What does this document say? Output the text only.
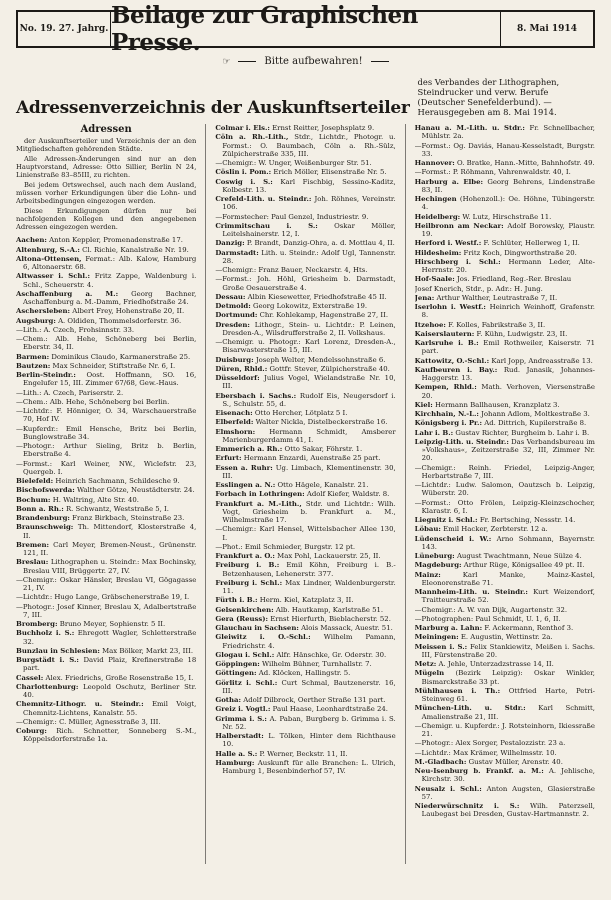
No. 19. 27. Jahrg. Beilage zur Graphischen Presse.	8. Mai 1914
☞	Bitte aufbewahren!
Adressenverzeichnis der Auskunftserteiler
des Verbandes der Lithographen, Steindrucker und verw. Berufe (Deutscher Senefelderbund). — Herausgegeben am 8. Mai 1914.
Adressen

der Auskunftserteiler und Verzeichnis der an den Mitgliedschaften gehörenden Städte.

Alle Adressen-Änderungen sind nur an den Hauptvorstand, Adresse: Otto Sillier, Berlin N 24, Linienstraße 83–85III, zu richten.

Bei jedem Ortswechsel, auch nach dem Ausland, müssen vorher Erkundigungen über die Lohn- und Arbeitsbedingungen eingezogen werden.

Diese Erkundigungen dürfen nur bei nachfolgenden Kollegen und den angegebenen Adressen eingezogen werden.

Aachen: Anton Keppler, Promenadenstraße 17.
Altenburg, S.-A.: Cl. Richie, Kanalstraße Nr. 19.
Altona-Ottensen, Fermat.: Alb. Kalow, Hamburg 6, Altonaerstr. 68.
Altwasser i. Schl.: Fritz Zappe, Waldenburg i. Schl., Scheuerstr. 4.
Aschaffenburg a. M.: Georg Bachner, Aschaffenburg a. M.-Damm, Friedhofstraße 24.
Aschersleben: Albert Frey, Hohenstraße 20, II.
Augsburg: A. Oldiden, Thommelsdorferstr. 36.
—Lith.: A. Czech, Frohsinnstr. 33.
—Chem.: Alb. Hehe, Schöneberg bei Berlin, Eberstr. 34, II.
Barmen: Dominikus Claudo, Karmanerstraße 25.
Bautzen: Max Schneider, Stiftstraße Nr. 6, I.
Berlin-Steindr.: Oost. Hoffmann, SO. 16, Engelufer 15, III. Zimmer 67/68, Gew.-Haus.
—Lith.: A. Czech, Pariserstr. 2.
—Chem.: Alb. Hehe, Schöneberg bei Berlin.
—Lichtdr.: F. Hönniger, O. 34, Warschauerstraße 70, Hof IV.
—Kupferdr.: Emil Hensche, Britz bei Berlin, Bunglowstraße 34.
—Photogr.: Arthur Sieling, Britz b. Berlin, Eberstraße 4.
—Formst.: Karl Weiner, NW., Wiclefstr. 23, Quergeb. I.
Bielefeld: Heinrich Sachmann, Schildesche 9.
Bischofswerda: Walther Götze, Neustädterstr. 24.
Bochum: H. Waltring, Alte Str. 40.
Bonn a. Rh.: R. Schwantz, Weststraße 5, I.
Brandenburg: Franz Birkbach, Steinstraße 23.
Braunschweig: Th. Mittendorf, Klosterstraße 4, II.
Bremen: Carl Meyer, Bremen-Neust., Grünenstr. 121, II.
Breslau: Lithographen u. Steindr.: Max Bochinsky, Breslau VIII, Brüggertr. 27, IV.
—Chemigr.: Oskar Hänsler, Breslau VI, Gögagasse 21, IV.
—Lichtdr.: Hugo Lange, Gräbschenerstraße 19, I.
—Photogr.: Josef Kinner, Breslau X, Adalbertstraße 7, III.
Bromberg: Bruno Meyer, Sophienstr. 5 II.
Buchholz i. S.: Ehregott Wagler, Schletterstraße 32.
Bunzlau in Schlesien: Max Bölker, Markt 23, III.
Burgstädt i. S.: David Plaiz, Krefinerstraße 18 part.
Cassel: Alex. Friedrichs, Große Rosenstraße 15, I.
Charlottenburg: Leopold Oschutz, Berliner Str. 40.
Chemnitz-Lithogr. u. Steindr.: Emil Voigt, Chemnitz-Lichtens, Kanalstr. 55.
—Chemigr.: C. Müller, Agnesstraße 3, III.
Coburg: Rich. Schnetter, Sonneberg S.-M., Köppelsdorferstraße 1a.
Colmar i. Els.: Ernst Reitter, Josephsplatz 9.
Cöln a. Rh.-Lith., Stdr., Lichtdr., Photogr. u. Formst.: O. Baumbach, Cöln a. Rh.-Sülz, Zülpicherstraße 335, III.
—Chemigr.: W. Unger, Weißenburger Str. 51.
Cöslin i. Pom.: Erich Möller, Elisenstraße Nr. 5.
Coswig i. S.: Karl Fischbig, Sessino-Kaditz, Kolbestr. 13.
Crefeld-Lith. u. Steindr.: Joh. Röhnes, Vereinstr. 106.
—Formstecher: Paul Genzel, Industriestr. 9.
Crimmitschau i. S.: Oskar Möller, Leitelshainerstr. 12, I.
Danzig: P. Brandt, Danzig-Ohra, a. d. Mottlau 4, II.
Darmstadt: Lith. u. Steindr.: Adolf Ugl, Tannenstr. 28.
—Chemigr.: Franz Bauer, Neckarstr. 4, Hts.
—Formst.: Joh. Höhl, Griesheim b. Darmstadt, Große Oesauerstraße 4.
Dessau: Albin Kiesewetter, Friedhofstraße 45 II.
Detmold: Georg Lokowitz, Exterstraße 19.
Dortmund: Chr. Kohlekamp, Hagenstraße 27, II.
Dresden: Lithogr., Stein- u. Lichtdr.: P. Leinen, Dresden-A., Wilsdrufferstraße 2, II. Volkshaus.
—Chemigr. u. Photogr.: Karl Lorenz, Dresden-A., Bisarwasterstraße 15, III.
Duisburg: Joseph Welter, Mendelssohnstraße 6.
Düren, Rhld.: Gottfr. Stever, Zülpicherstraße 40.
Düsseldorf: Julius Vogel, Wielandstraße Nr. 10, III.
Ebersbach i. Sachs.: Rudolf Eis, Neugersdorf i. S., Schulstr. 55, d.
Eisenach: Otto Hercher, Lötplatz 5 I.
Elberfeld: Walter Nickla, Distelbeckerstraße 16.
Elmshorn: Hermann Schmidt, Amsberer Marienburgerdamm 41, I.
Emmerich a. Rh.: Otto Sakar, Föhrstr. 1.
Erfurt: Hermann Enzardi, Auenstraße 25 part.
Essen a. Ruhr: Ug. Limbach, Klementinenstr. 30, III.
Esslingen a. N.: Otto Hägele, Kanalstr. 21.
Forbach in Lothringen: Adolf Kiefer, Waldstr. 8.
Frankfurt a. M.-Lith., Stdr. und Lichtdr.: Wilh. Vogt, Griesheim b. Frankfurt a. M., Wilhelmstraße 17.
—Chemigr.: Karl Hensel, Wittelsbacher Allee 130, I.
—Phot.: Emil Schmieder, Burgstr. 12 pt.
Frankfurt a. O.: Max Pohl, Lackauerstr. 25, II.
Freiburg i. B.: Emil Köhn, Freiburg i. B.-Betzenhausen, Lehenerstr. 377.
Freiburg i. Schl.: Max Lindner, Waldenburgerstr. 11.
Fürth i. B.: Herm. Kiel, Katzplatz 3, II.
Gelsenkirchen: Alb. Hautkamp, Karlstraße 51.
Gera (Reuss): Ernst Hierfurth, Bieblacherstr. 52.
Glauchau in Sachsen: Alois Massack, Auestr. 51.
Gleiwitz i. O.-Schl.: Wilhelm Pamann, Friedrichstr. 4.
Glogau i. Schl.: Alfr. Hänschke, Gr. Oderstr. 30.
Göppingen: Wilhelm Bühner, Turnhallstr. 7.
Göttingen: Ad. Klöcken, Hallingstr. 5.
Görlitz i. Schl.: Curt Schmal, Bautzenerstr. 16, III.
Gotha: Adolf Dilbrock, Oerther Straße 131 part.
Greiz i. Vogtl.: Paul Haase, Leonhardtstraße 24.
Grimma i. S.: A. Paban, Burgberg b. Grimma i. S. Nr. 52.
Halberstadt: L. Tölken, Hinter dem Richthause 10.
Halle a. S.: P. Werner, Beckstr. 11, II.
Hamburg: Auskunft für alle Branchen: L. Ulrich, Hamburg 1, Besenbinderhof 57, IV.
Hanau a. M.-Lith. u. Stdr.: Fr. Schnellbacher, Mühlstr. 2a.
—Formst.: Og. Daviás, Hanau-Kesselstadt, Burgstr. 33.
Hannover: O. Bratke, Hann.-Mitte, Bahnhofstr. 49.
—Formst.: P. Röhmann, Vahrenwaldstr. 40, I.
Harburg a. Elbe: Georg Behrens, Lindenstraße 83, II.
Hechingen (Hohenzoll.): Oe. Höhne, Tübingerstr. 4.
Heidelberg: W. Lutz, Hirschstraße 11.
Heilbronn am Neckar: Adolf Borowsky, Plaustr. 19.
Herford i. Westf.: F. Schlüter, Hellerweg 1, II.
Hildesheim: Fritz Koch, Dingworthstraße 20.
Hirschberg i. Schl.: Hermann Leder, Alte-Herrnstr. 20.
Hof-Saale: Jos. Friedland, Reg.-Rer. Breslau
Josef Knerich, Stdr., p. Adr.: H. Jung.
Jena: Arthur Walther, Leutrastraße 7, II.
Iserlohn i. Westf.: Heinrich Weinhoff, Grafenstr. 8.
Itzehoe: F. Kolles, Fabrikstraße 3, II.
Kaiserslautern: F. Kühn, Ludwigstr. 23, II.
Karlsruhe i. B.: Emil Rothweiler, Kaiserstr. 71 part.
Kattowitz, O.-Schl.: Karl Jopp, Andreasstraße 13.
Kaufbeuren i. Bay.: Rud. Janasik, Johannes-Haggerstr. 13.
Kempen, Rhld.: Math. Verhoven, Viersenstraße 20.
Kiel: Hermann Ballhausen, Kranzplatz 3.
Kirchhain, N.-L.: Johann Adlom, Moltkestraße 3.
Königsberg i. Pr.: Ad. Dittrich, Kupilerstraße 8.
Lahr i. B.: Gustav Richter, Burgheim b. Lahr i. B.
Leipzig-Lith. u. Steindr.: Das Verbandsbureau im »Volkshaus«, Zeitzerstraße 32, III, Zimmer Nr. 20.
—Chemigr.: Reinh. Friedel, Leipzig-Anger, Herbartstraße 7, III.
—Lichtdr.: Ludw. Salomon, Oautzsch b. Leipzig, Wüberstr. 20.
—Formst.: Otto Frölen, Leipzig-Kleinzschocher, Klarastr. 6, I.
Liegnitz i. Schl.: Fr. Bertsching, Nessstr. 14.
Löbau: Emil Hacker, Zerbterstr. 12 a.
Lüdenscheid i. W.: Arno Sohmann, Bayernstr. 143.
Lüneburg: August Twachtmann, Neue Sülze 4.
Magdeburg: Arthur Rüge, Königsallee 49 pt. II.
Mainz:	Karl Manke, Mainz-Kastel, Eleonorenstraße 71.
Mannheim-Lith. u. Steindr.: Kurt Weizendorf, Traitteurstraße 52.
—Chemigr.: A. W. van Dijk, Augartenstr. 32.
—Photographen: Paul Schmidt, U. 1, 6, II.
Marburg a. Lahn: F. Ackermann, Renthof 3.
Meiningen: E. Augustin, Wettinstr. 2a.
Meissen i. S.: Felix Stankiewitz, Meißen i. Sachs. III, Fürstenstraße 20.
Metz: A. Jehle, Unterzadzstrasse 14, II.
Mügeln (Bezirk Leipzig): Oskar Winkler, Bismarckstraße 33 pt.
Mühlhausen i. Th.: Ottfried Harte, Petri-Steinweg 61.
München-Lith. u. Stdr.: Karl Schmitt, Amalienstraße 21, III.
—Chemigr. u. Kupferdr.: J. Rotsteinhorn, Ikiessraße 21.
—Photogr.: Alex Sorger, Pestalozzistr. 23 a.
—Lichtdr.: Max Krämer, Wilhelmsstr. 10.
M.-Gladbach: Gustav Müller, Arenstr. 40.
Neu-Isenburg b. Frankf. a. M.: A. Jehlische, Kirchstr. 30.
Neusalz i. Schl.: Anton Augsten, Glasierstraße 57.
Niederwürschnitz i. S.: Wilh. Paterzsell, Laubegast bei Dresden, Gustav-Hartmannstr. 2.
